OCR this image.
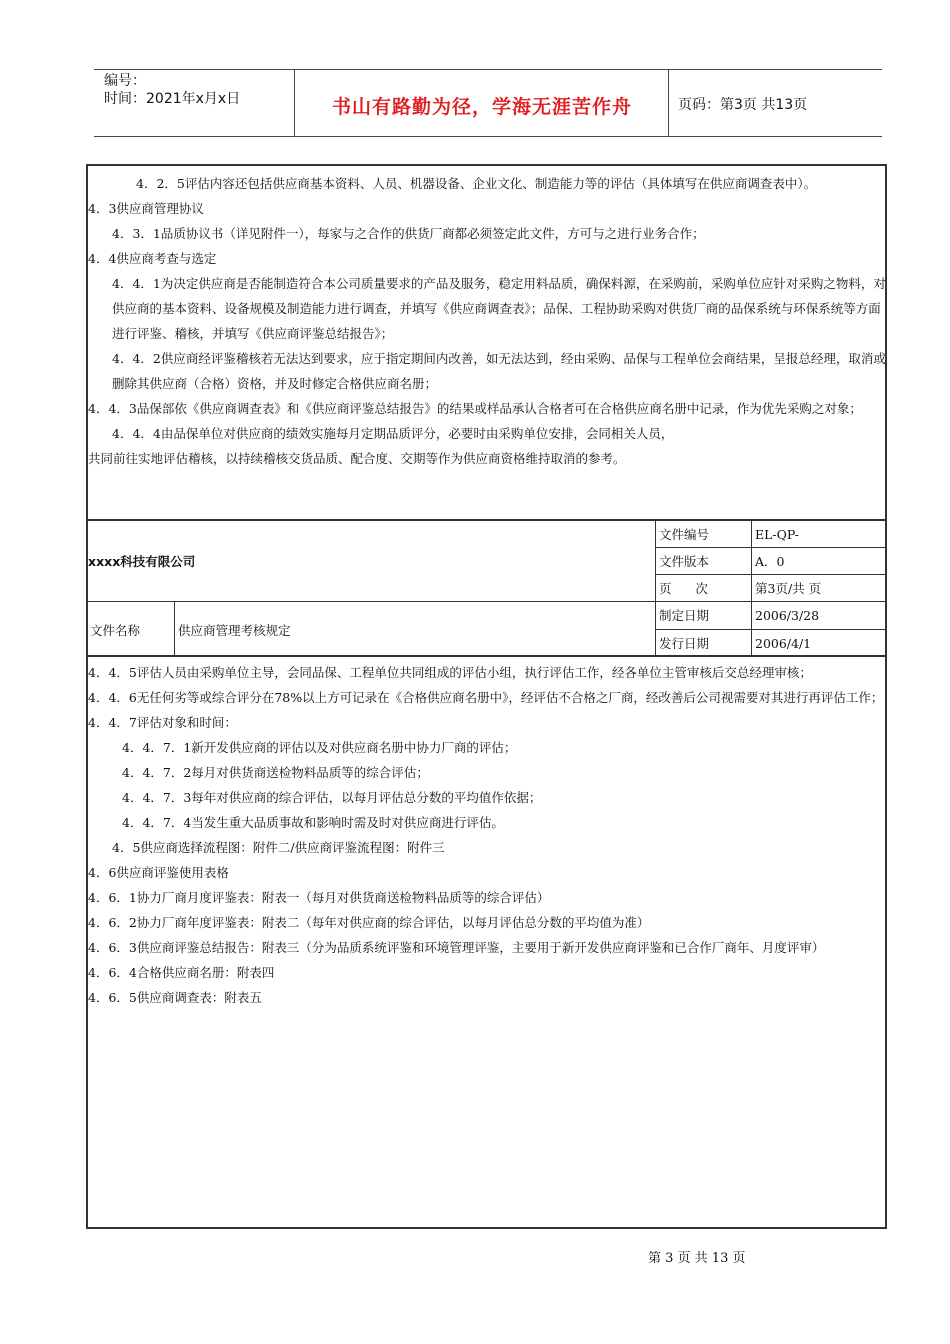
编号：
时间：2021年x月x日	书山有路勤为径，学海无涯苦作舟	页码：第3页 共13页

4．2．5评估内容还包括供应商基本资料、人员、机器设备、企业文化、制造能力等的评估（具体填写在供应商调查表中）。

4．3供应商管理协议

4．3．1品质协议书（详见附件一），每家与之合作的供货厂商都必须签定此文件，方可与之进行业务合作；

4．4供应商考查与选定

4．4．1为决定供应商是否能制造符合本公司质量要求的产品及服务，稳定用料品质，确保料源，在采购前，采购单位应针对采购之物料，对供应商的基本资料、设备规模及制造能力进行调查，并填写《供应商调查表》；品保、工程协助采购对供货厂商的品保系统与环保系统等方面进行评鉴、稽核，并填写《供应商评鉴总结报告》；

4．4．2供应商经评鉴稽核若无法达到要求，应于指定期间内改善，如无法达到，经由采购、品保与工程单位会商结果，呈报总经理，取消或删除其供应商（合格）资格，并及时修定合格供应商名册；

4．4．3品保部依《供应商调查表》和《供应商评鉴总结报告》的结果或样品承认合格者可在合格供应商名册中记录，作为优先采购之对象；

4．4．4由品保单位对供应商的绩效实施每月定期品质评分，必要时由采购单位安排，会同相关人员，

共同前往实地评估稽核，以持续稽核交货品质、配合度、交期等作为供应商资格维持取消的参考。

xxxx科技有限公司
文件名称	供应商管理考核规定
文件编号	EL-QP-
文件版本	A．0
页      次	第3页/共 页
制定日期	2006/3/28
发行日期	2006/4/1

4．4．5评估人员由采购单位主导，会同品保、工程单位共同组成的评估小组，执行评估工作，经各单位主管审核后交总经理审核；

4．4．6无任何劣等或综合评分在78%以上方可记录在《合格供应商名册中》，经评估不合格之厂商，经改善后公司视需要对其进行再评估工作；

4．4．7评估对象和时间：

4．4．7．1新开发供应商的评估以及对供应商名册中协力厂商的评估；

4．4．7．2每月对供货商送检物料品质等的综合评估；

4．4．7．3每年对供应商的综合评估，以每月评估总分数的平均值作依据；

4．4．7．4当发生重大品质事故和影响时需及时对供应商进行评估。

4．5供应商选择流程图：附件二/供应商评鉴流程图：附件三

4．6供应商评鉴使用表格

4．6．1协力厂商月度评鉴表：附表一（每月对供货商送检物料品质等的综合评估）

4．6．2协力厂商年度评鉴表：附表二（每年对供应商的综合评估，以每月评估总分数的平均值为准）

4．6．3供应商评鉴总结报告：附表三（分为品质系统评鉴和环境管理评鉴，主要用于新开发供应商评鉴和已合作厂商年、月度评审）

4．6．4合格供应商名册：附表四

4．6．5供应商调查表：附表五

第 3 页 共 13 页
